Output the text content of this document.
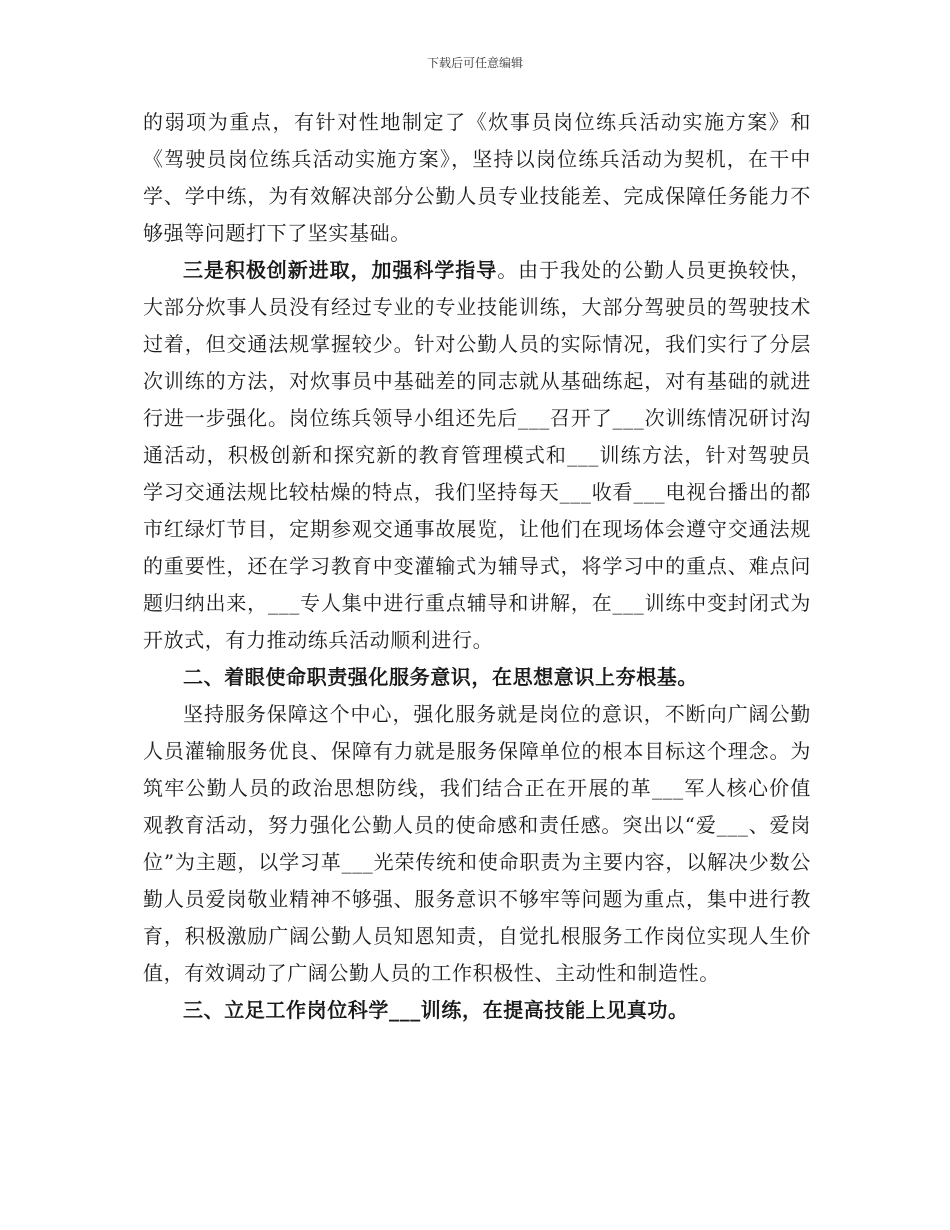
下载后可任意编辑

的弱项为重点，有针对性地制定了《炊事员岗位练兵活动实施方案》和《驾驶员岗位练兵活动实施方案》，坚持以岗位练兵活动为契机，在干中学、学中练，为有效解决部分公勤人员专业技能差、完成保障任务能力不够强等问题打下了坚实基础。

三是积极创新进取，加强科学指导。由于我处的公勤人员更换较快，大部分炊事人员没有经过专业的专业技能训练，大部分驾驶员的驾驶技术过着，但交通法规掌握较少。针对公勤人员的实际情况，我们实行了分层次训练的方法，对炊事员中基础差的同志就从基础练起，对有基础的就进行进一步强化。岗位练兵领导小组还先后___召开了___次训练情况研讨沟通活动，积极创新和探究新的教育管理模式和___训练方法，针对驾驶员学习交通法规比较枯燥的特点，我们坚持每天___收看___电视台播出的都市红绿灯节目，定期参观交通事故展览，让他们在现场体会遵守交通法规的重要性，还在学习教育中变灌输式为辅导式，将学习中的重点、难点问题归纳出来，___专人集中进行重点辅导和讲解，在___训练中变封闭式为开放式，有力推动练兵活动顺利进行。

二、着眼使命职责强化服务意识，在思想意识上夯根基。

坚持服务保障这个中心，强化服务就是岗位的意识，不断向广阔公勤人员灌输服务优良、保障有力就是服务保障单位的根本目标这个理念。为筑牢公勤人员的政治思想防线，我们结合正在开展的革___军人核心价值观教育活动，努力强化公勤人员的使命感和责任感。突出以“爱___、爱岗位”为主题，以学习革___光荣传统和使命职责为主要内容，以解决少数公勤人员爱岗敬业精神不够强、服务意识不够牢等问题为重点，集中进行教育，积极激励广阔公勤人员知恩知责，自觉扎根服务工作岗位实现人生价值，有效调动了广阔公勤人员的工作积极性、主动性和制造性。

三、立足工作岗位科学___训练，在提高技能上见真功。
